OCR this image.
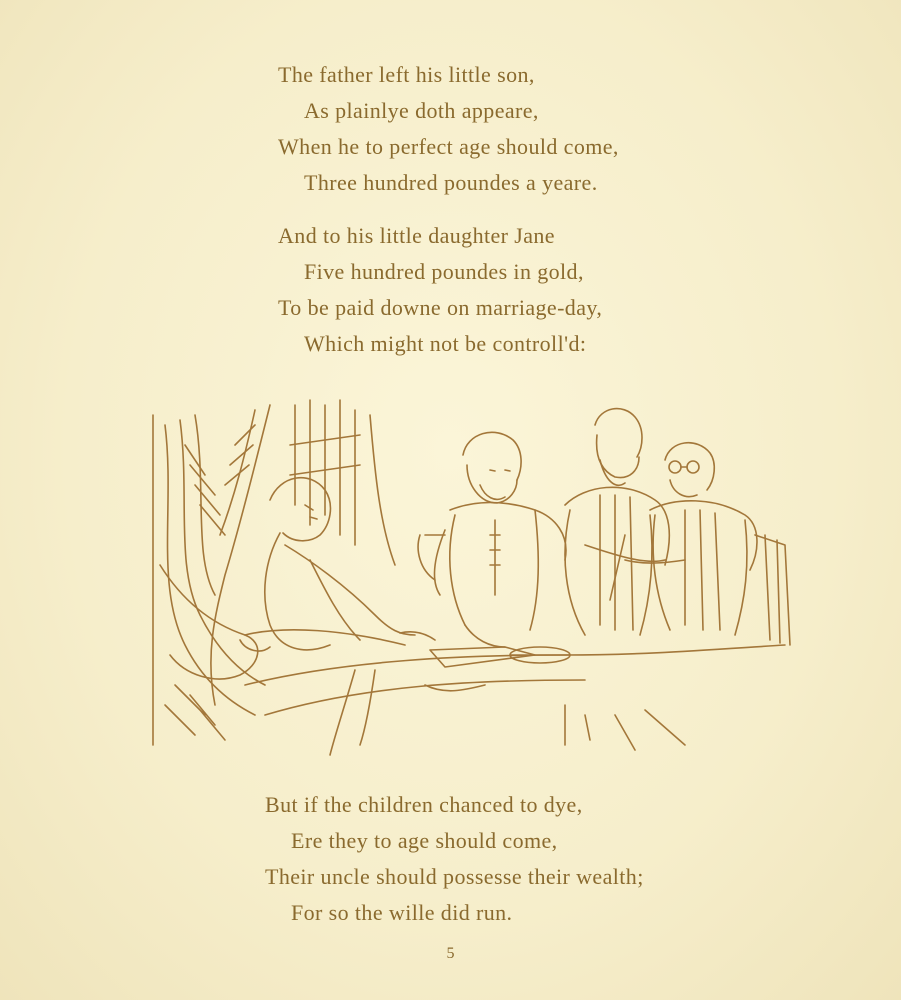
The father left his little son,
As plainlye doth appeare,
When he to perfect age should come,
Three hundred poundes a yeare.
And to his little daughter Jane
Five hundred poundes in gold,
To be paid downe on marriage-day,
Which might not be controll'd:
But if the children chanced to dye,
Ere they to age should come,
Their uncle should possesse their wealth;
For so the wille did run.
5
